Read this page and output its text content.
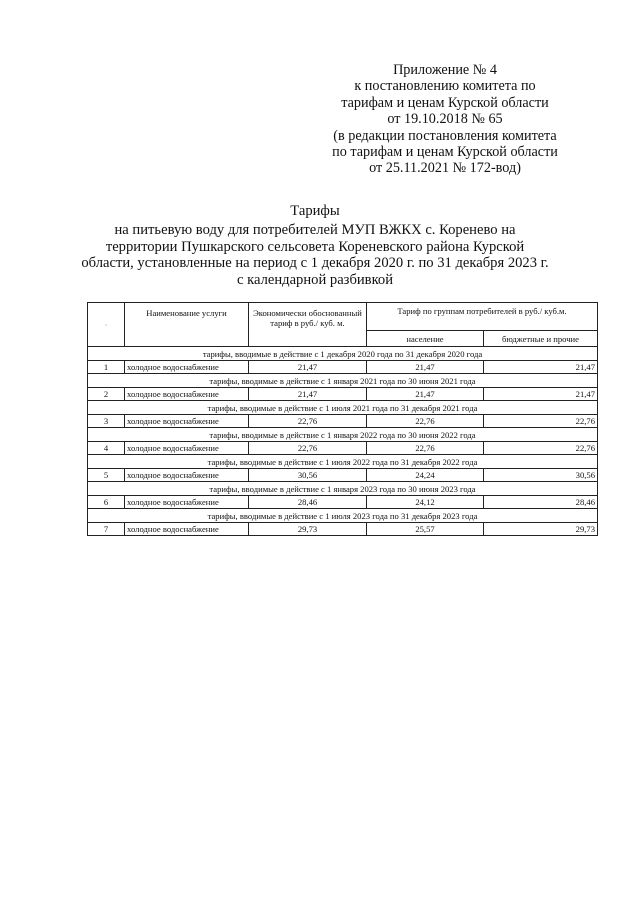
Приложение № 4
к постановлению комитета по
тарифам и ценам Курской области
от 19.10.2018 № 65
(в редакции постановления комитета
по тарифам и ценам Курской области
от 25.11.2021 № 172-вод)
Тарифы
на питьевую воду для потребителей МУП ВЖКХ с. Коренево на
территории Пушкарского сельсовета Кореневского района Курской
области, установленные на период с 1 декабря 2020 г. по 31 декабря 2023 г.
с календарной разбивкой
·	Наименование услуги	Экономически обоснованный тариф в руб./ куб. м.	Тариф по группам потребителей в руб./ куб.м.	
			население	бюджетные и прочие
тарифы, вводимые в действие с 1 декабря 2020 года по 31 декабря 2020 года				
1	холодное водоснабжение	21,47	21,47	21,47
тарифы, вводимые в действие с 1 января 2021 года по 30 июня 2021 года				
2	холодное водоснабжение	21,47	21,47	21,47
тарифы, вводимые в действие с 1 июля 2021 года по 31 декабря 2021 года				
3	холодное водоснабжение	22,76	22,76	22,76
тарифы, вводимые в действие с 1 января 2022 года по 30 июня 2022 года				
4	холодное водоснабжение	22,76	22,76	22,76
тарифы, вводимые в действие с 1 июля 2022 года по 31 декабря 2022 года				
5	холодное водоснабжение	30,56	24,24	30,56
тарифы, вводимые в действие с 1 января 2023 года по 30 июня 2023 года				
6	холодное водоснабжение	28,46	24,12	28,46
тарифы, вводимые в действие с 1 июля 2023 года по 31 декабря 2023 года				
7	холодное водоснабжение	29,73	25,57	29,73
